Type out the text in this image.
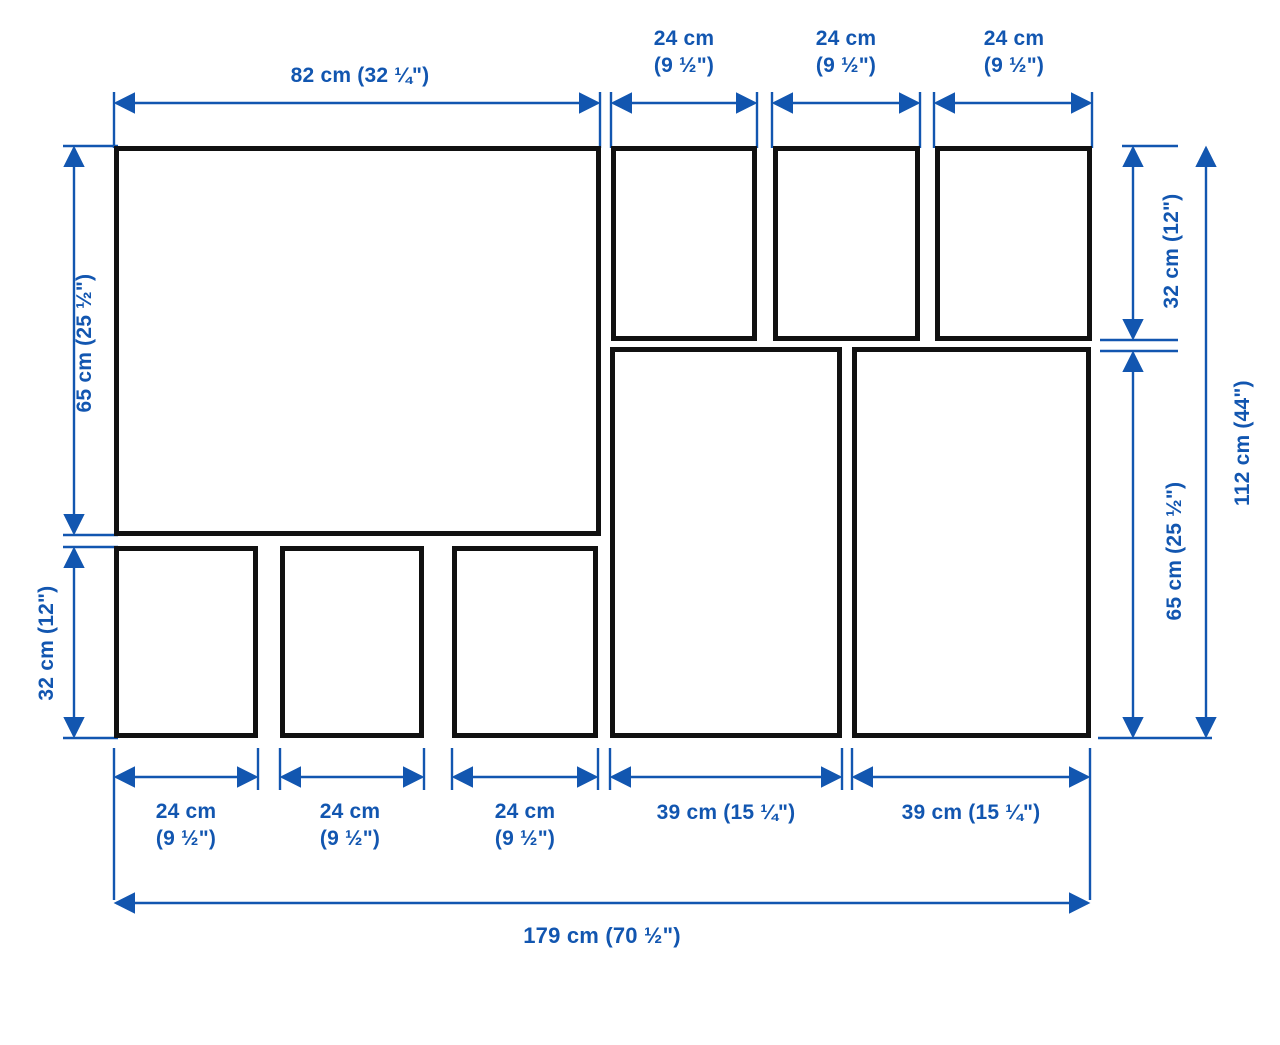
82 cm (32 ¼")
24 cm
(9 ½")
24 cm
(9 ½")
24 cm
(9 ½")
65 cm (25 ½")
32 cm (12")
32 cm (12")
65 cm (25 ½")
112 cm (44")
24 cm
(9 ½")
24 cm
(9 ½")
24 cm
(9 ½")
39 cm (15 ¼")	39 cm (15 ¼")
179 cm (70 ½")
